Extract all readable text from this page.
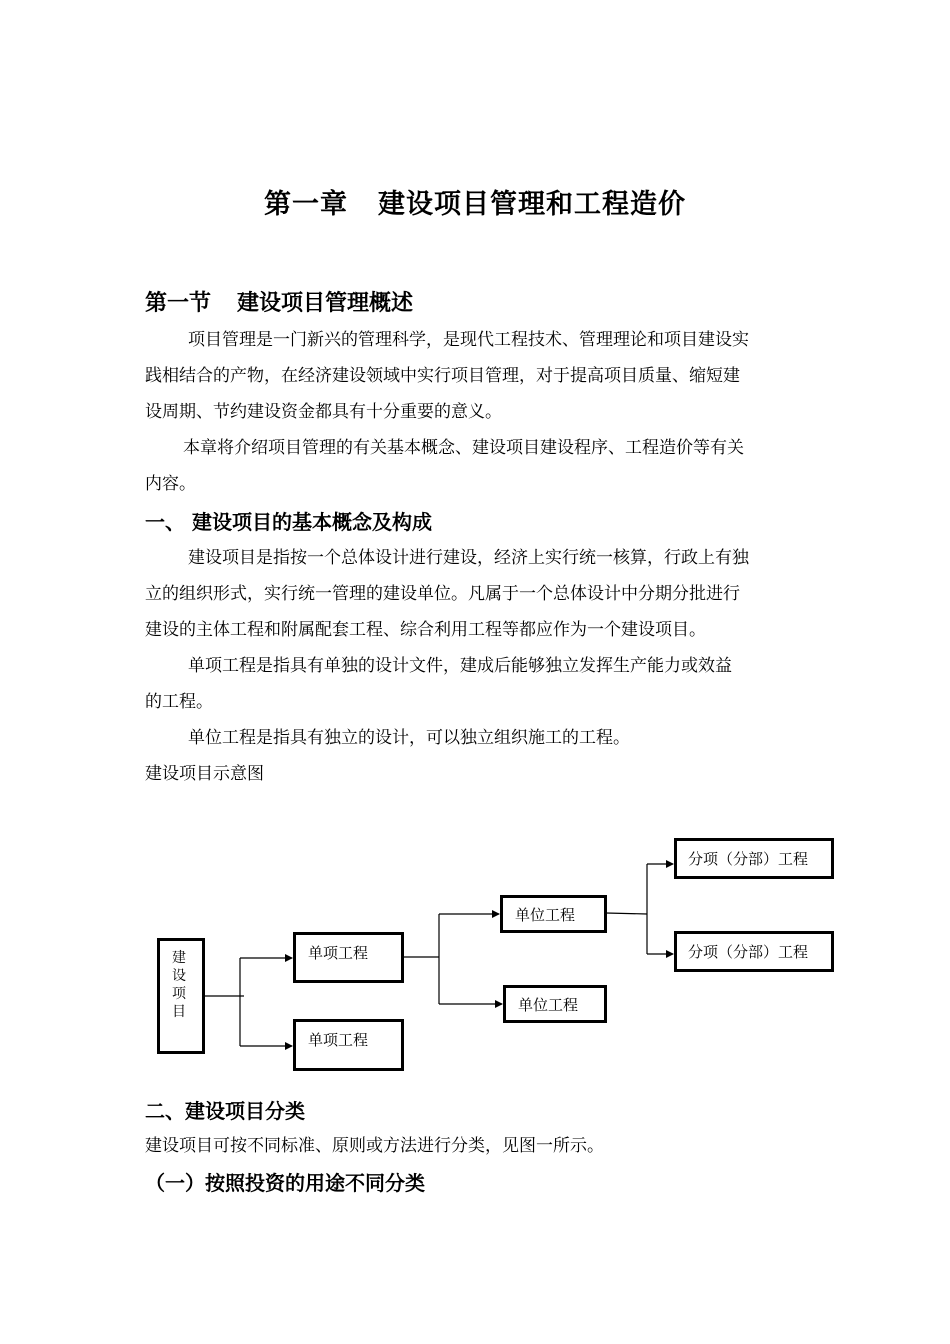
第一章 建设项目管理和工程造价
第一节 建设项目管理概述
项目管理是一门新兴的管理科学，是现代工程技术、管理理论和项目建设实
践相结合的产物，在经济建设领域中实行项目管理，对于提高项目质量、缩短建
设周期、节约建设资金都具有十分重要的意义。
本章将介绍项目管理的有关基本概念、建设项目建设程序、工程造价等有关
内容。
一、 建设项目的基本概念及构成
建设项目是指按一个总体设计进行建设，经济上实行统一核算，行政上有独
立的组织形式，实行统一管理的建设单位。凡属于一个总体设计中分期分批进行
建设的主体工程和附属配套工程、综合利用工程等都应作为一个建设项目。
单项工程是指具有单独的设计文件，建成后能够独立发挥生产能力或效益
的工程。
单位工程是指具有独立的设计，可以独立组织施工的工程。
建设项目示意图
建设项目
单项工程
单项工程
单位工程
单位工程
分项（分部）工程
分项（分部）工程
二、建设项目分类
建设项目可按不同标准、原则或方法进行分类，见图一所示。
（一）按照投资的用途不同分类
